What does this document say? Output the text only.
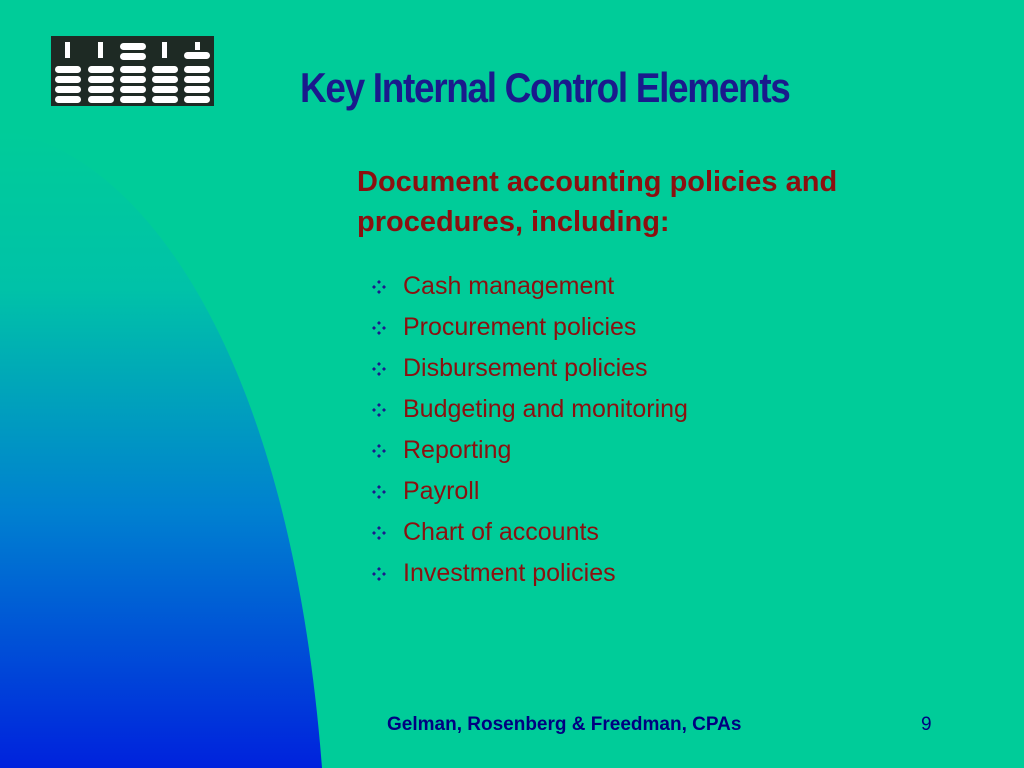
Key Internal Control Elements
Document accounting policies and procedures, including:
Cash management
Procurement policies
Disbursement policies
Budgeting and monitoring
Reporting
Payroll
Chart of accounts
Investment policies
Gelman, Rosenberg & Freedman, CPAs	9
